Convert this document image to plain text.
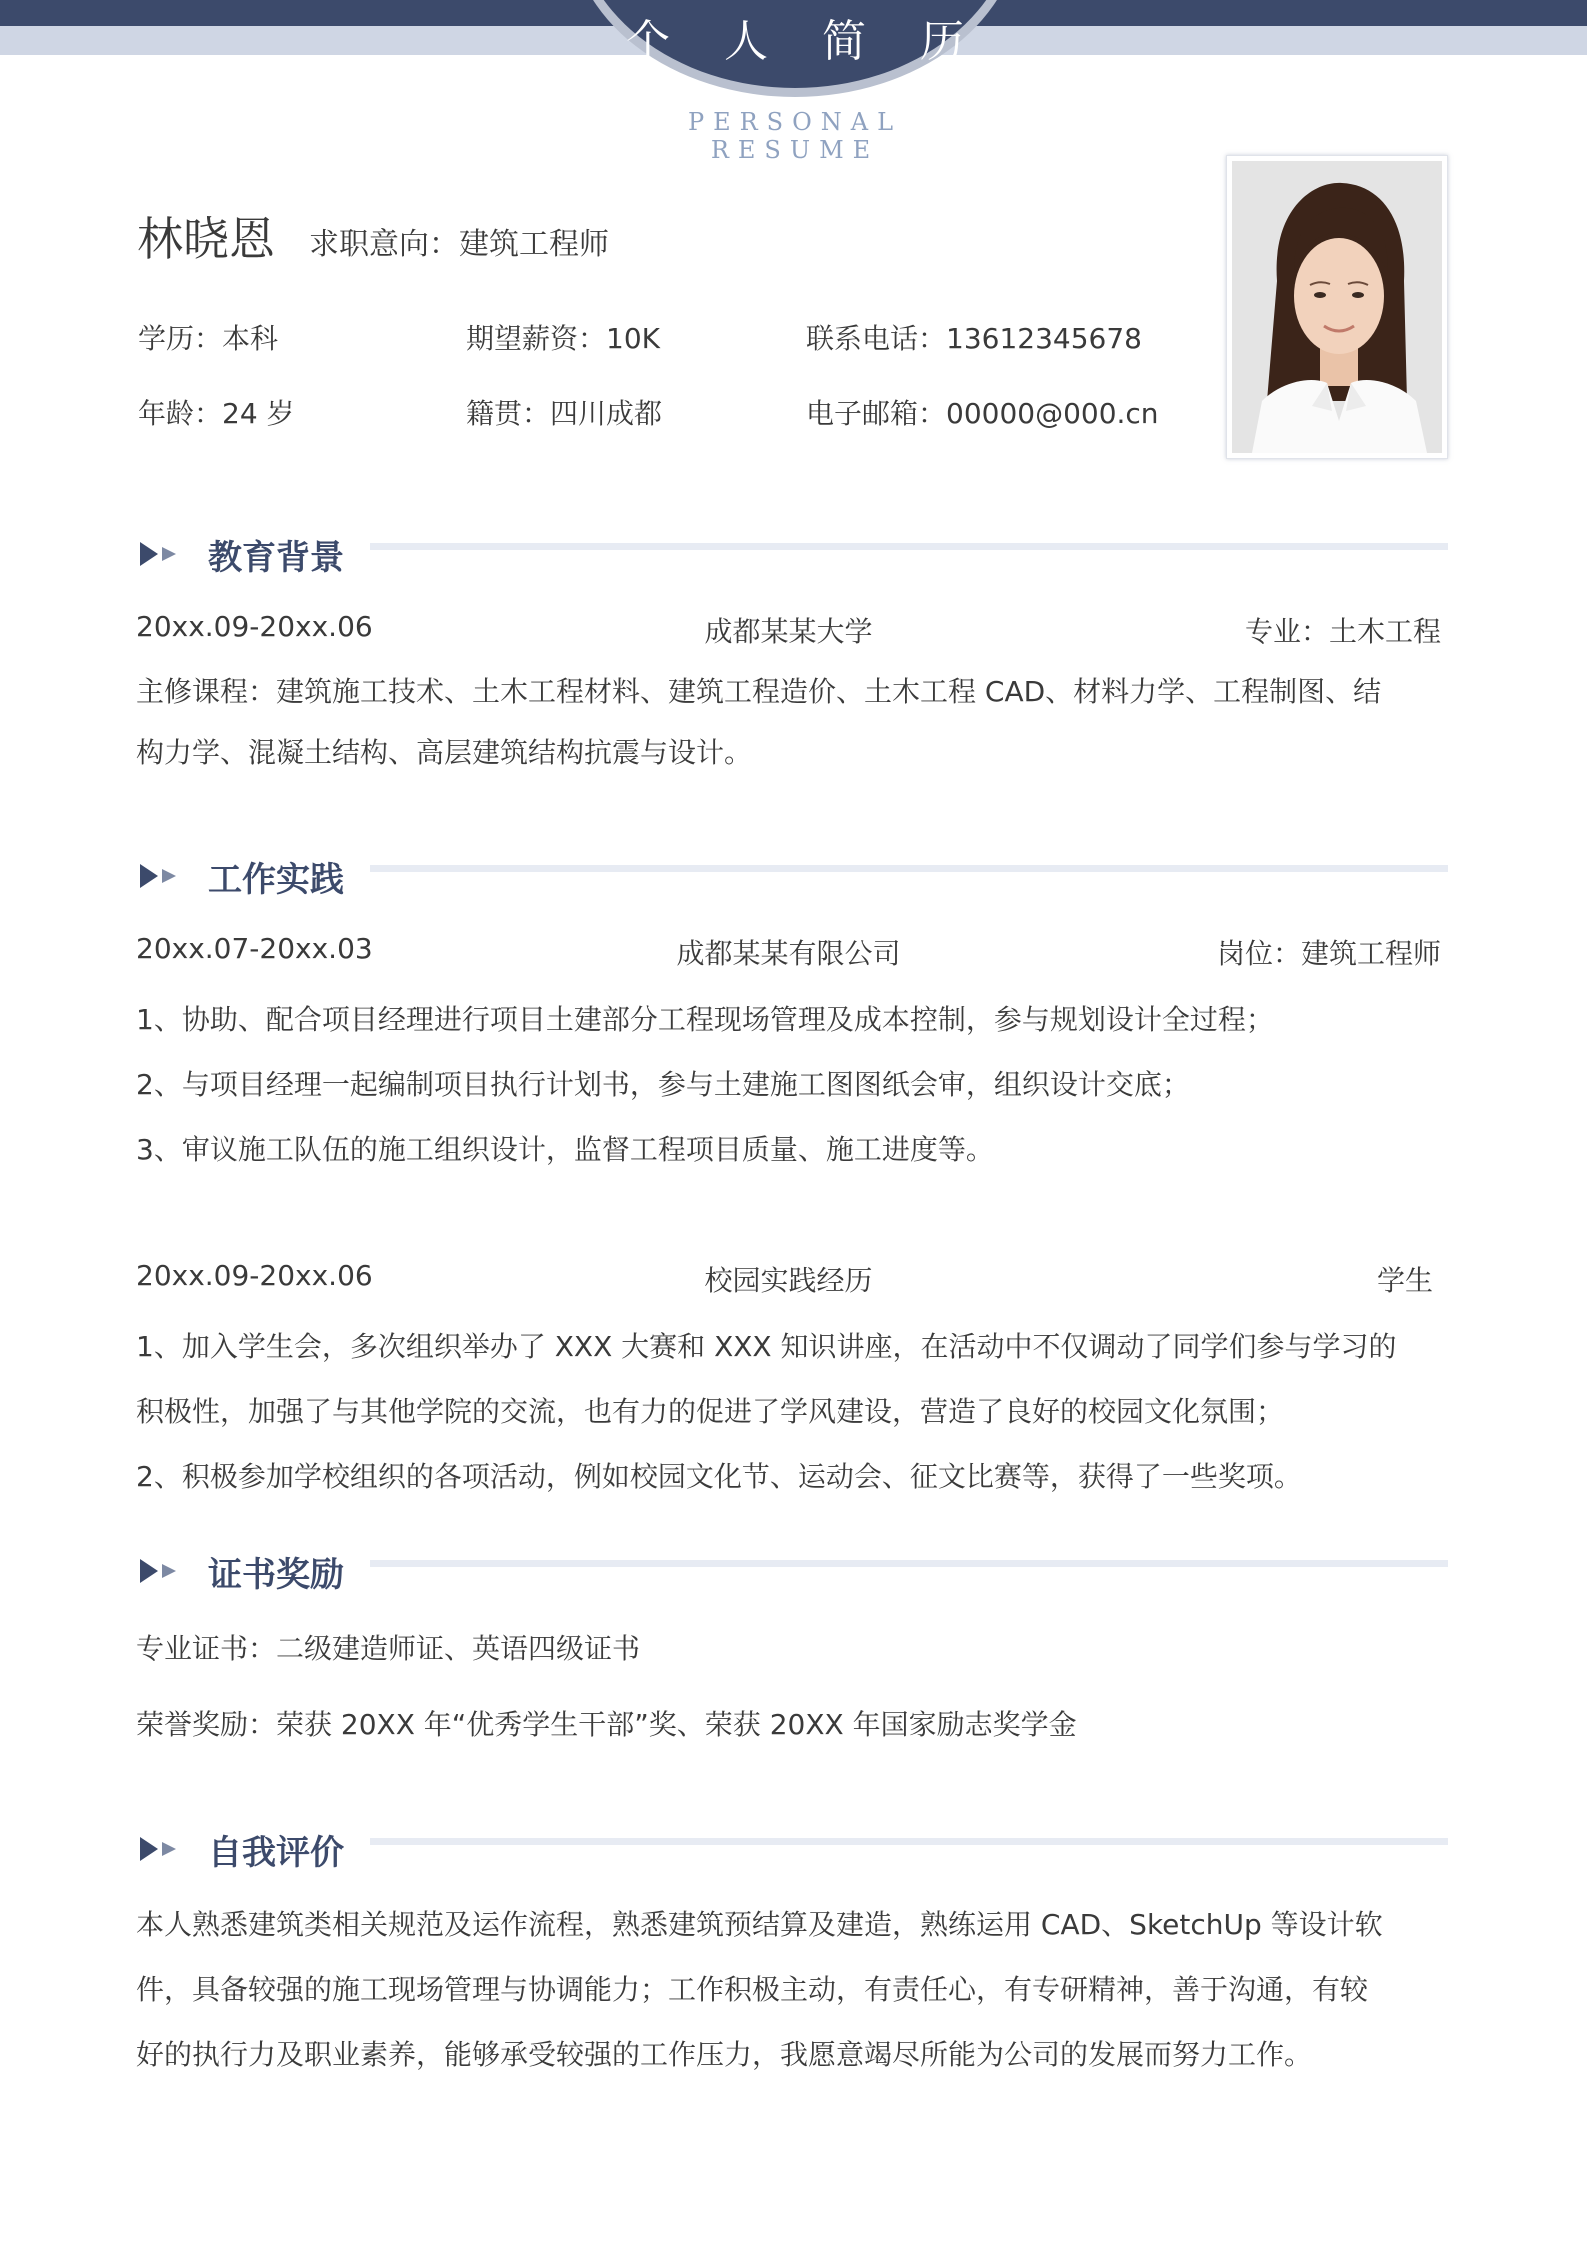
个 人 简 历
PERSONAL RESUME
林晓恩 求职意向：建筑工程师
学历：本科	期望薪资：10K	联系电话：13612345678
年龄：24 岁	籍贯：四川成都	电子邮箱：00000@000.cn
教育背景
20xx.09-20xx.06	成都某某大学	专业：土木工程
主修课程：建筑施工技术、土木工程材料、建筑工程造价、土木工程 CAD、材料力学、工程制图、结
构力学、混凝土结构、高层建筑结构抗震与设计。
工作实践
20xx.07-20xx.03	成都某某有限公司	岗位：建筑工程师
1、协助、配合项目经理进行项目土建部分工程现场管理及成本控制，参与规划设计全过程；
2、与项目经理一起编制项目执行计划书，参与土建施工图图纸会审，组织设计交底；
3、审议施工队伍的施工组织设计，监督工程项目质量、施工进度等。
20xx.09-20xx.06	校园实践经历	学生
1、加入学生会，多次组织举办了 XXX 大赛和 XXX 知识讲座，在活动中不仅调动了同学们参与学习的
积极性，加强了与其他学院的交流，也有力的促进了学风建设，营造了良好的校园文化氛围；
2、积极参加学校组织的各项活动，例如校园文化节、运动会、征文比赛等，获得了一些奖项。
证书奖励
专业证书：二级建造师证、英语四级证书
荣誉奖励：荣获 20XX 年“优秀学生干部”奖、荣获 20XX 年国家励志奖学金
自我评价
本人熟悉建筑类相关规范及运作流程，熟悉建筑预结算及建造，熟练运用 CAD、SketchUp 等设计软
件，具备较强的施工现场管理与协调能力；工作积极主动，有责任心，有专研精神，善于沟通，有较
好的执行力及职业素养，能够承受较强的工作压力，我愿意竭尽所能为公司的发展而努力工作。
